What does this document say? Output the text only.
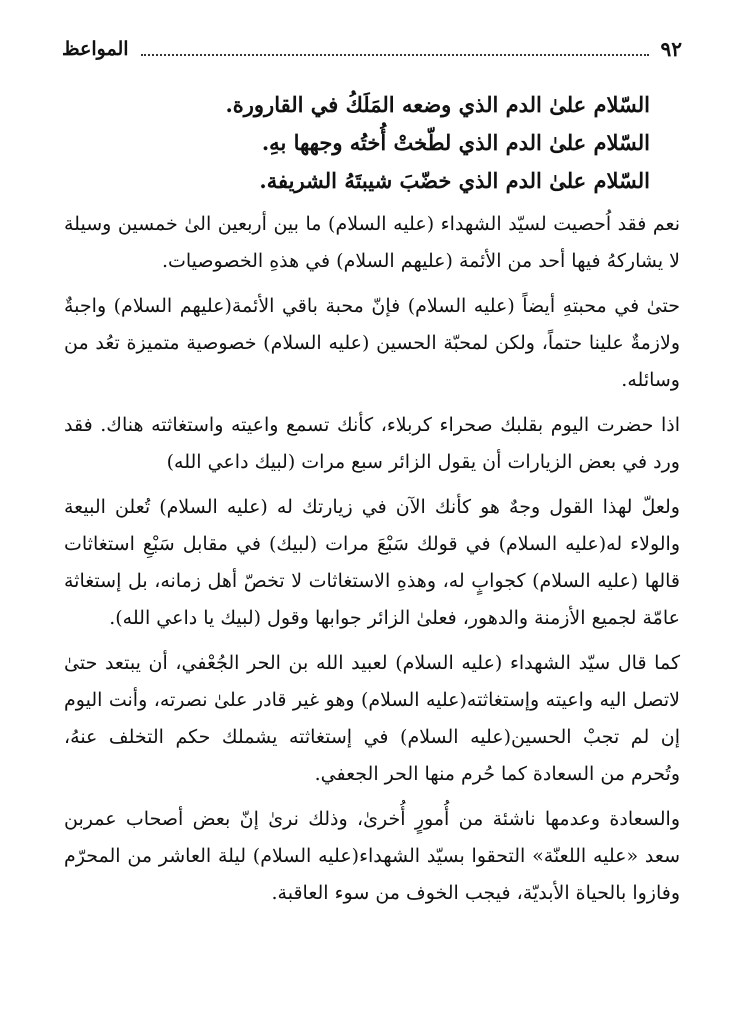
٩٢
المواعظ

السّلام علىٰ الدم الذي وضعه المَلَكُ في القارورة.

السّلام علىٰ الدم الذي لطّختْ أُختُه وجهها بهِ.

السّلام علىٰ الدم الذي خضّبَ شيبتَهُ الشريفة.

نعم فقد اُحصيت لسيّد الشهداء (عليه السلام) ما بين أربعين الىٰ خمسين وسيلة لا يشاركهُ فيها أحد من الأئمة (عليهم السلام) في هذهِ الخصوصيات.

حتىٰ في محبتهِ أيضاً (عليه السلام) فإنّ محبة باقي الأئمة(عليهم السلام) واجبةٌ ولازمةٌ علينا حتماً، ولكن لمحبّة الحسين (عليه السلام) خصوصية متميزة تعُد من وسائله.

اذا حضرت اليوم بقلبك صحراء كربلاء، كأنك تسمع واعيته واستغاثته هناك. فقد ورد في بعض الزيارات أن يقول الزائر سبع مرات (لبيك داعي الله)

ولعلّ لهذا القول وجهٌ هو كأنك الآن في زيارتك له (عليه السلام) تُعلن البيعة والولاء له(عليه السلام) في قولك سَبْعَ مرات (لبيك) في مقابل سَبْعِ استغاثات قالها (عليه السلام) كجوابٍ له، وهذهِ الاستغاثات لا تخصّ أهل زمانه، بل إستغاثة عامّة لجميع الأزمنة والدهور، فعلىٰ الزائر جوابها وقول (لبيك يا داعي الله).

كما قال سيّد الشهداء (عليه السلام) لعبيد الله بن الحر الجُعْفي، أن يبتعد حتىٰ لاتصل اليه واعيته وإستغاثته(عليه السلام) وهو غير قادر علىٰ نصرته، وأنت اليوم إن لم تجبْ الحسين(عليه السلام) في إستغاثته يشملك حكم التخلف عنهُ، وتُحرم من السعادة كما حُرم منها الحر الجعفي.

والسعادة وعدمها ناشئة من أُمورٍ أُخرىٰ، وذلك نرىٰ إنّ بعض أصحاب عمربن سعد «عليه اللعنّة» التحقوا بسيّد الشهداء(عليه السلام) ليلة العاشر من المحرّم وفازوا بالحياة الأبديّة، فيجب الخوف من سوء العاقبة.
